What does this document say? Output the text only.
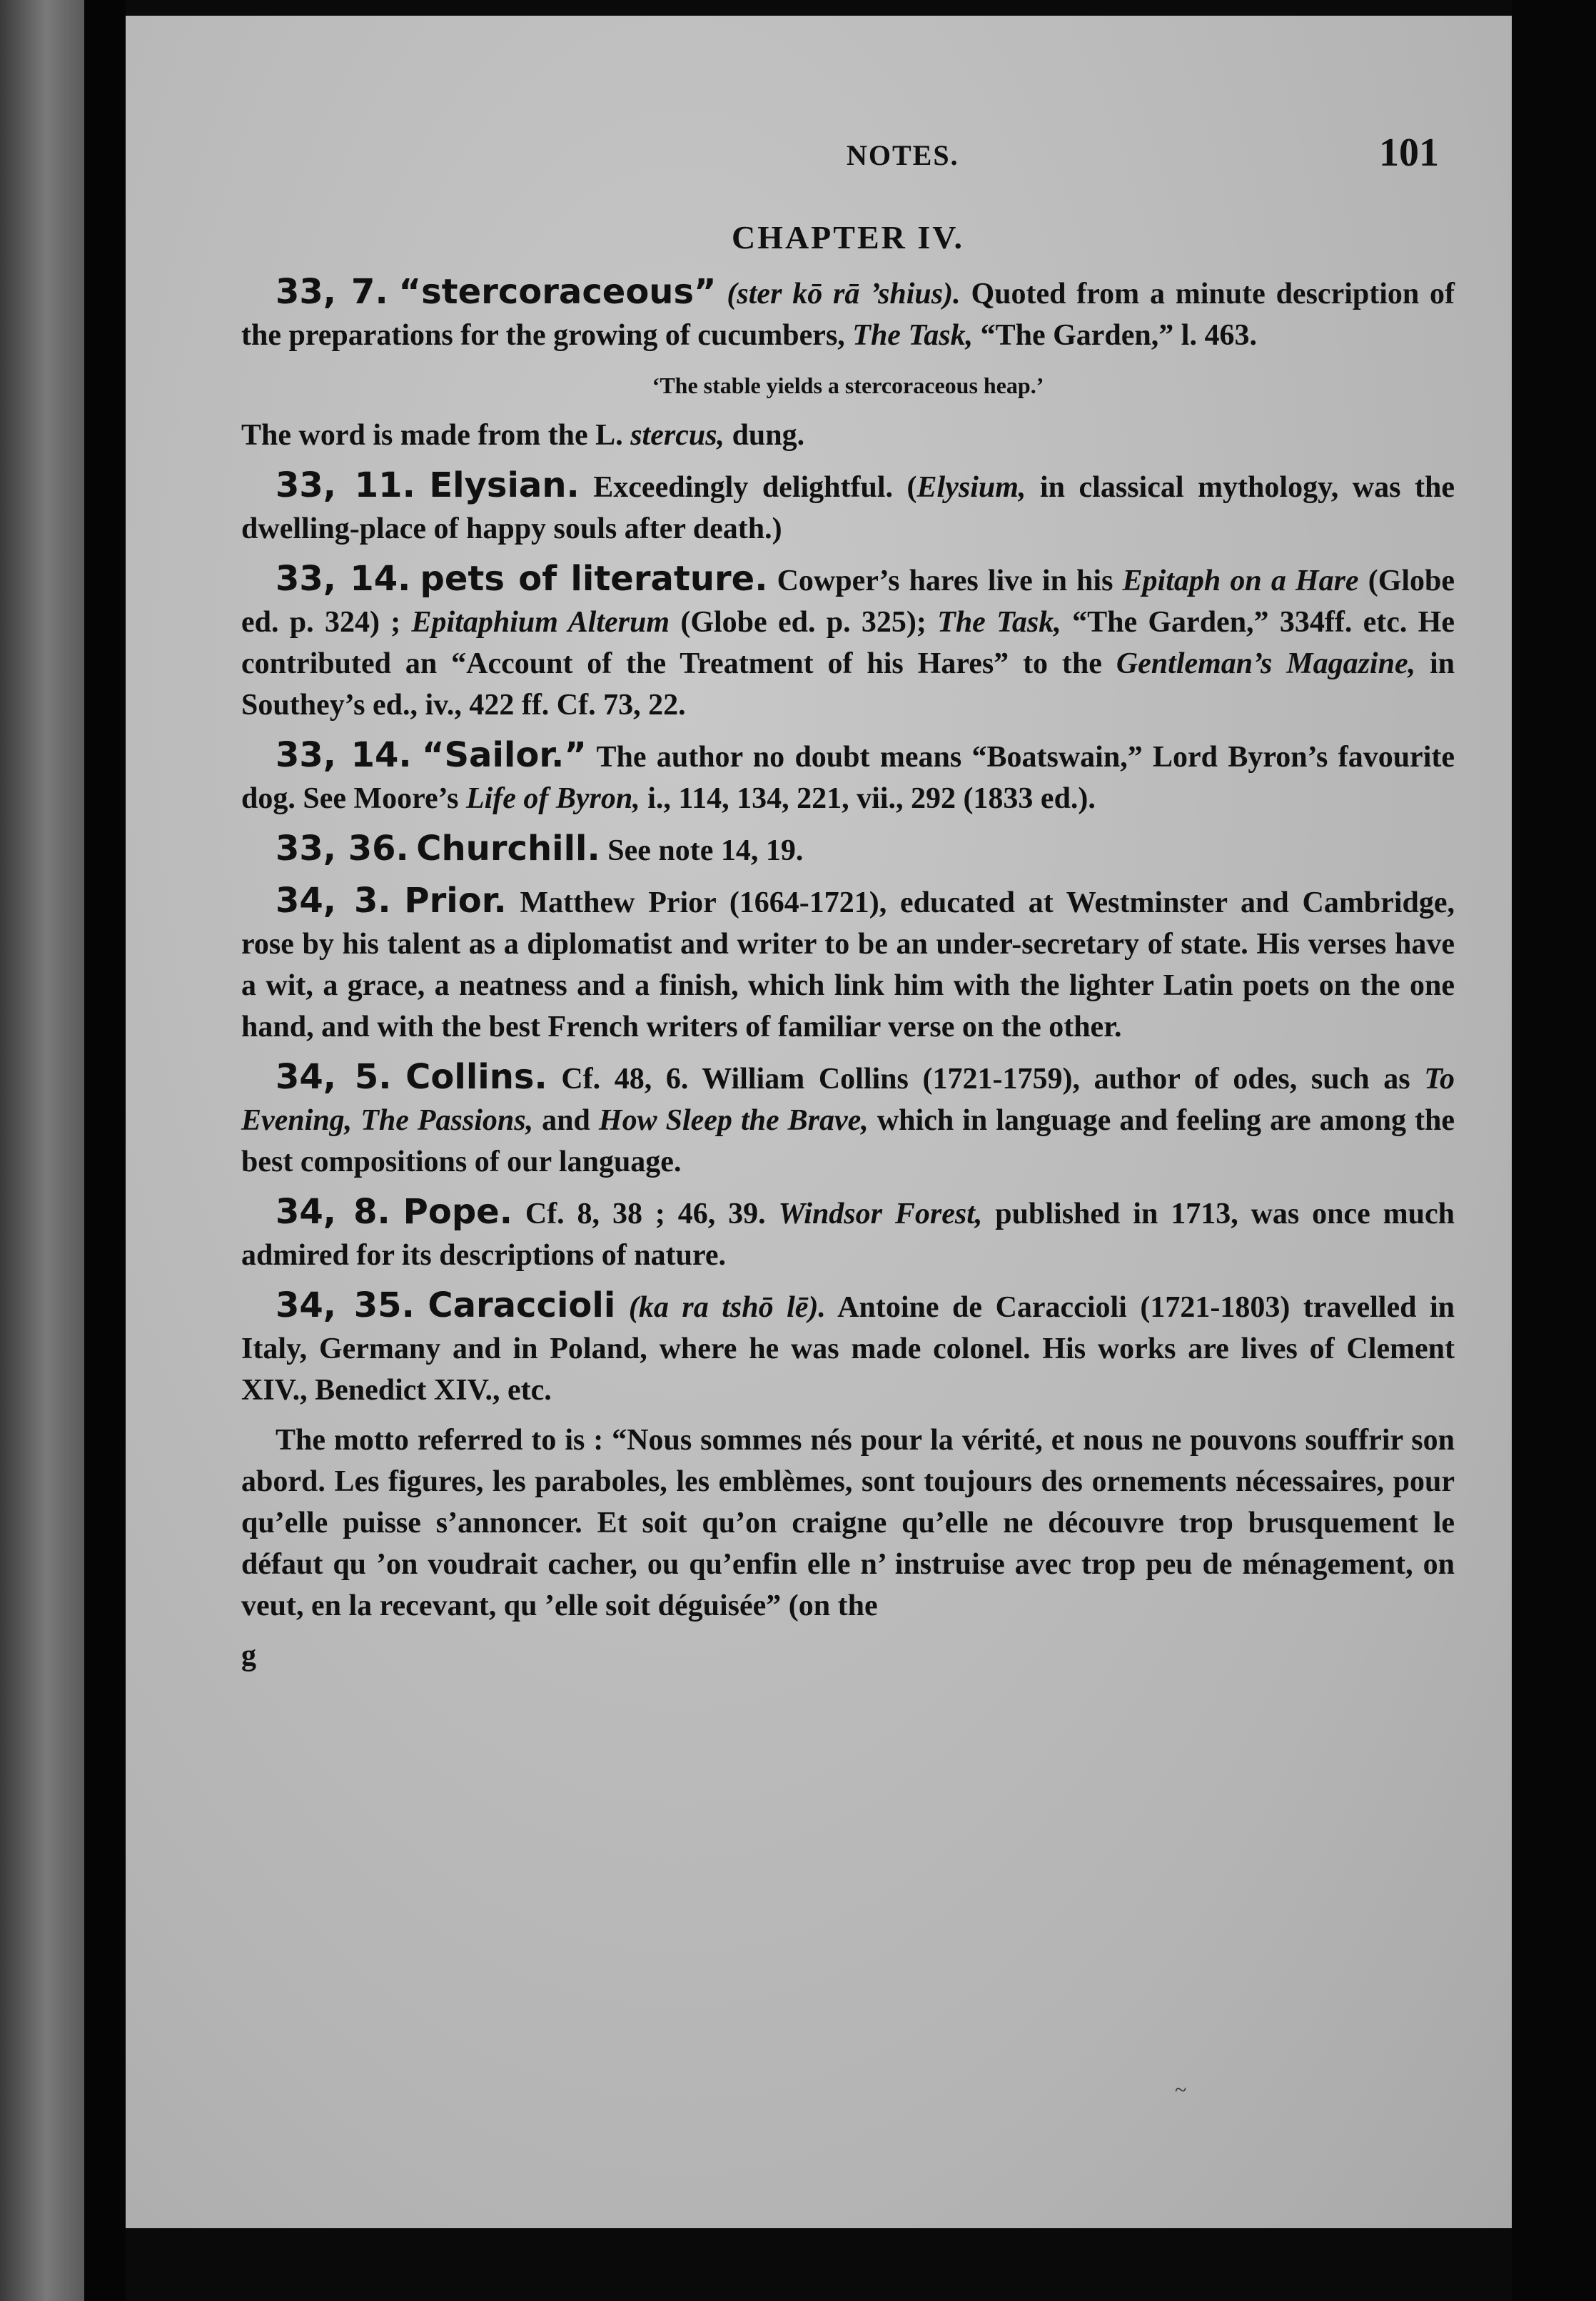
NOTES.	101
CHAPTER IV.

33, 7. “stercoraceous” (ster kō rā ’shius). Quoted from a minute description of the preparations for the growing of cucumbers, The Task, “The Garden,” l. 463.

‘The stable yields a stercoraceous heap.’

The word is made from the L. stercus, dung.

33, 11. Elysian. Exceedingly delightful. (Elysium, in classical mythology, was the dwelling-place of happy souls after death.)

33, 14. pets of literature. Cowper’s hares live in his Epitaph on a Hare (Globe ed. p. 324) ; Epitaphium Alterum (Globe ed. p. 325); The Task, “The Garden,” 334ff. etc. He contributed an “Account of the Treatment of his Hares” to the Gentleman’s Magazine, in Southey’s ed., iv., 422 ff. Cf. 73, 22.

33, 14. “Sailor.” The author no doubt means “Boatswain,” Lord Byron’s favourite dog. See Moore’s Life of Byron, i., 114, 134, 221, vii., 292 (1833 ed.).

33, 36. Churchill. See note 14, 19.

34, 3. Prior. Matthew Prior (1664-1721), educated at Westminster and Cambridge, rose by his talent as a diplomatist and writer to be an under-secretary of state. His verses have a wit, a grace, a neatness and a finish, which link him with the lighter Latin poets on the one hand, and with the best French writers of familiar verse on the other.

34, 5. Collins. Cf. 48, 6. William Collins (1721-1759), author of odes, such as To Evening, The Passions, and How Sleep the Brave, which in language and feeling are among the best compositions of our language.

34, 8. Pope. Cf. 8, 38 ; 46, 39. Windsor Forest, published in 1713, was once much admired for its descriptions of nature.

34, 35. Caraccioli (ka ra tshō lē). Antoine de Caraccioli (1721-1803) travelled in Italy, Germany and in Poland, where he was made colonel. His works are lives of Clement XIV., Benedict XIV., etc.

The motto referred to is : “Nous sommes nés pour la vérité, et nous ne pouvons souffrir son abord. Les figures, les paraboles, les emblèmes, sont toujours des ornements nécessaires, pour qu’elle puisse s’annoncer. Et soit qu’on craigne qu’elle ne découvre trop brusquement le défaut qu ’on voudrait cacher, ou qu’enfin elle n’ instruise avec trop peu de ménagement, on veut, en la recevant, qu ’elle soit déguisée” (on the

g

~
